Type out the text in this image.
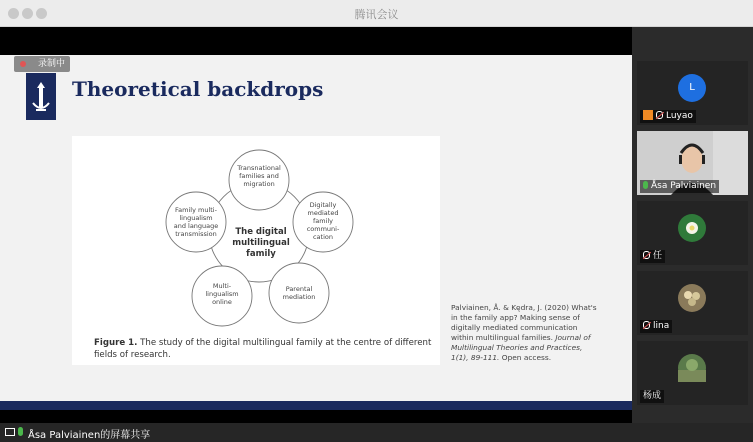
腾讯会议
录制中
Theoretical backdrops
Transnational
families and
migration
Digitally
mediated
family
communi-
cation
Parental
mediation
Multi-
lingualism
online
Family multi-
lingualism
and language
transmission The digital
multilingual
family
Figure 1. The study of the digital multilingual family at the centre of different fields of research.
Palviainen, Å. & Kędra, J. (2020) What's in the family app? Making sense of digitally mediated communication within multilingual families. Journal of Multilingual Theories and Practices, 1(1), 89-111. Open access.
L
Luyao
Åsa Palviainen
任
lina
杨成
Åsa Palviainen的屏幕共享
